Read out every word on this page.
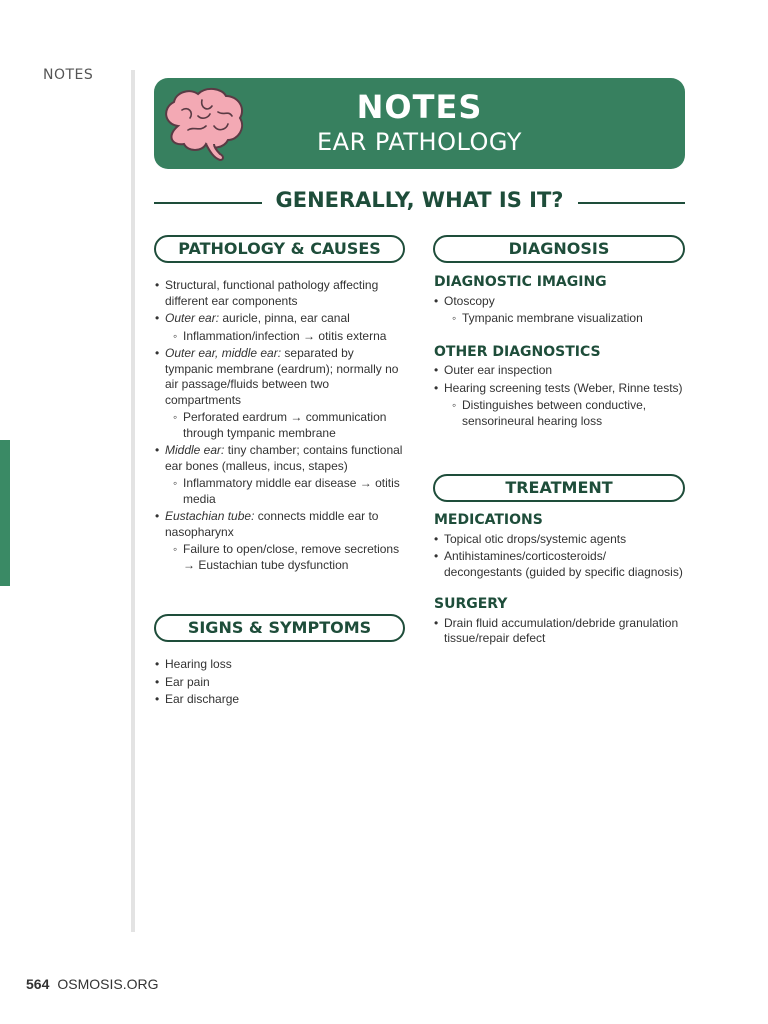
NOTES
NOTES
EAR PATHOLOGY
GENERALLY, WHAT IS IT?
PATHOLOGY & CAUSES
• Structural, functional pathology affecting different ear components
• Outer ear: auricle, pinna, ear canal
◦ Inflammation/infection → otitis externa
• Outer ear, middle ear: separated by tympanic membrane (eardrum); normally no air passage/fluids between two compartments
◦ Perforated eardrum → communication through tympanic membrane
• Middle ear: tiny chamber; contains functional ear bones (malleus, incus, stapes)
◦ Inflammatory middle ear disease → otitis media
• Eustachian tube: connects middle ear to nasopharynx
◦ Failure to open/close, remove secretions → Eustachian tube dysfunction
SIGNS & SYMPTOMS
• Hearing loss
• Ear pain
• Ear discharge
DIAGNOSIS
DIAGNOSTIC IMAGING
• Otoscopy
◦ Tympanic membrane visualization
OTHER DIAGNOSTICS
• Outer ear inspection
• Hearing screening tests (Weber, Rinne tests)
◦ Distinguishes between conductive, sensorineural hearing loss
TREATMENT
MEDICATIONS
• Topical otic drops/systemic agents
• Antihistamines/corticosteroids/ decongestants (guided by specific diagnosis)
SURGERY
• Drain fluid accumulation/debride granulation tissue/repair defect
564 OSMOSIS.ORG
